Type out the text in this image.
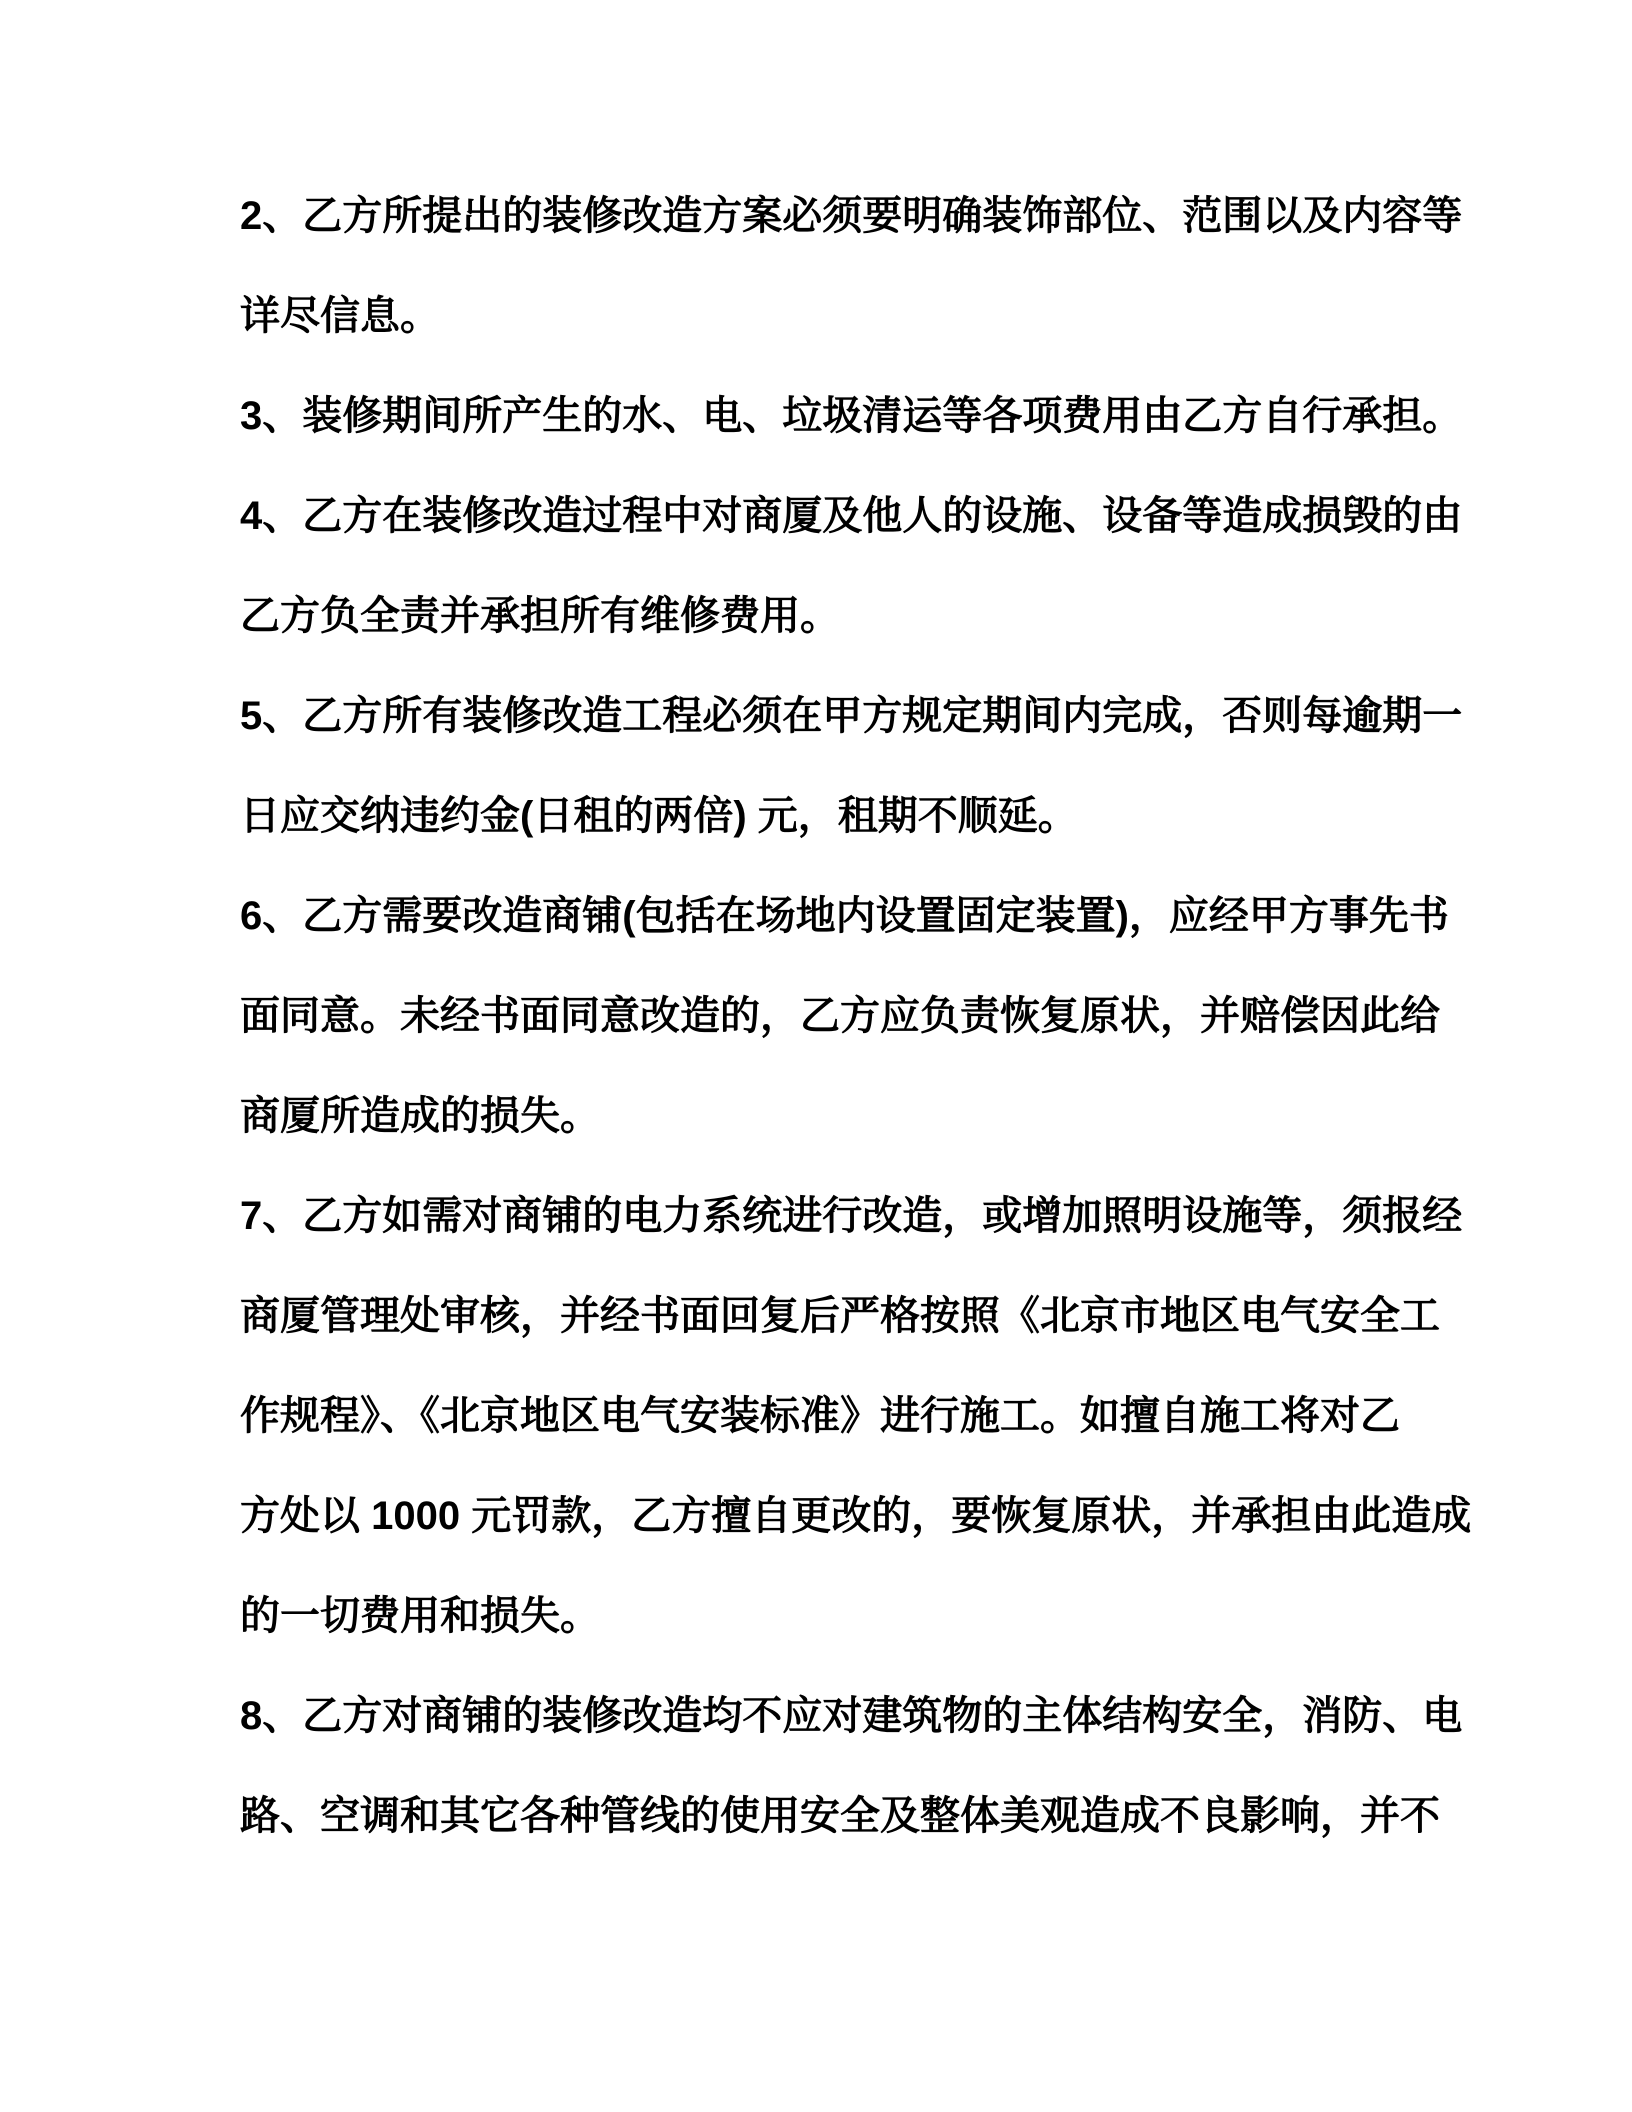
2、乙方所提出的装修改造方案必须要明确装饰部位、范围以及内容等

详尽信息。

3、装修期间所产生的水、电、垃圾清运等各项费用由乙方自行承担。

4、乙方在装修改造过程中对商厦及他人的设施、设备等造成损毁的由

乙方负全责并承担所有维修费用。

5、乙方所有装修改造工程必须在甲方规定期间内完成，否则每逾期一

日应交纳违约金(日租的两倍) 元，租期不顺延。

6、乙方需要改造商铺(包括在场地内设置固定装置)，应经甲方事先书

面同意。未经书面同意改造的，乙方应负责恢复原状，并赔偿因此给

商厦所造成的损失。

7、乙方如需对商铺的电力系统进行改造，或增加照明设施等，须报经

商厦管理处审核，并经书面回复后严格按照《北京市地区电气安全工

作规程》、《北京地区电气安装标准》进行施工。如擅自施工将对乙

方处以 1000 元罚款，乙方擅自更改的，要恢复原状，并承担由此造成

的一切费用和损失。

8、乙方对商铺的装修改造均不应对建筑物的主体结构安全，消防、电

路、空调和其它各种管线的使用安全及整体美观造成不良影响，并不
